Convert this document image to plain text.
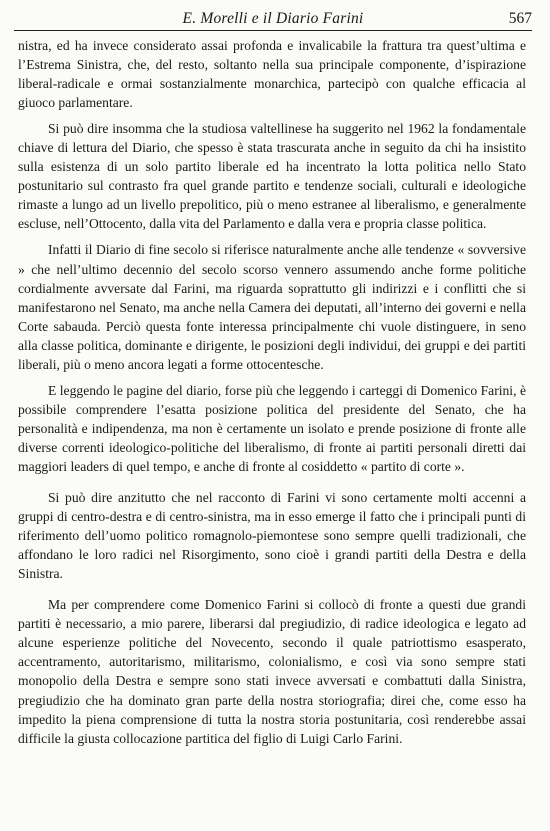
E. Morelli e il Diario Farini	567

nistra, ed ha invece considerato assai profonda e invalicabile la frattura tra quest’ultima e l’Estrema Sinistra, che, del resto, soltanto nella sua principale componente, d’ispirazione liberal-radicale e ormai sostanzialmente monarchica, partecipò con qualche efficacia al giuoco parlamentare.

Si può dire insomma che la studiosa valtellinese ha suggerito nel 1962 la fondamentale chiave di lettura del Diario, che spesso è stata trascurata anche in seguito da chi ha insistito sulla esistenza di un solo partito liberale ed ha incentrato la lotta politica nello Stato postunitario sul contrasto fra quel grande partito e tendenze sociali, culturali e ideologiche rimaste a lungo ad un livello prepolitico, più o meno estranee al liberalismo, e generalmente escluse, nell’Ottocento, dalla vita del Parlamento e dalla vera e propria classe politica.

Infatti il Diario di fine secolo si riferisce naturalmente anche alle tendenze « sovversive » che nell’ultimo decennio del secolo scorso vennero assumendo anche forme politiche cordialmente avversate dal Farini, ma riguarda soprattutto gli indirizzi e i conflitti che si manifestarono nel Senato, ma anche nella Camera dei deputati, all’interno dei governi e nella Corte sabauda. Perciò questa fonte interessa principalmente chi vuole distinguere, in seno alla classe politica, dominante e dirigente, le posizioni degli individui, dei gruppi e dei partiti liberali, più o meno ancora legati a forme ottocentesche.

E leggendo le pagine del diario, forse più che leggendo i carteggi di Domenico Farini, è possibile comprendere l’esatta posizione politica del presidente del Senato, che ha personalità e indipendenza, ma non è certamente un isolato e prende posizione di fronte alle diverse correnti ideologico-politiche del liberalismo, di fronte ai partiti personali diretti dai maggiori leaders di quel tempo, e anche di fronte al cosiddetto « partito di corte ».

Si può dire anzitutto che nel racconto di Farini vi sono certamente molti accenni a gruppi di centro-destra e di centro-sinistra, ma in esso emerge il fatto che i principali punti di riferimento dell’uomo politico romagnolo-piemontese sono sempre quelli tradizionali, che affondano le loro radici nel Risorgimento, sono cioè i grandi partiti della Destra e della Sinistra.

Ma per comprendere come Domenico Farini si collocò di fronte a questi due grandi partiti è necessario, a mio parere, liberarsi dal pregiudizio, di radice ideologica e legato ad alcune esperienze politiche del Novecento, secondo il quale patriottismo esasperato, accentramento, autoritarismo, militarismo, colonialismo, e così via sono sempre stati monopolio della Destra e sempre sono stati invece avversati e combattuti dalla Sinistra, pregiudizio che ha dominato gran parte della nostra storiografia; direi che, come esso ha impedito la piena comprensione di tutta la nostra storia postunitaria, così renderebbe assai difficile la giusta collocazione partitica del figlio di Luigi Carlo Farini.
